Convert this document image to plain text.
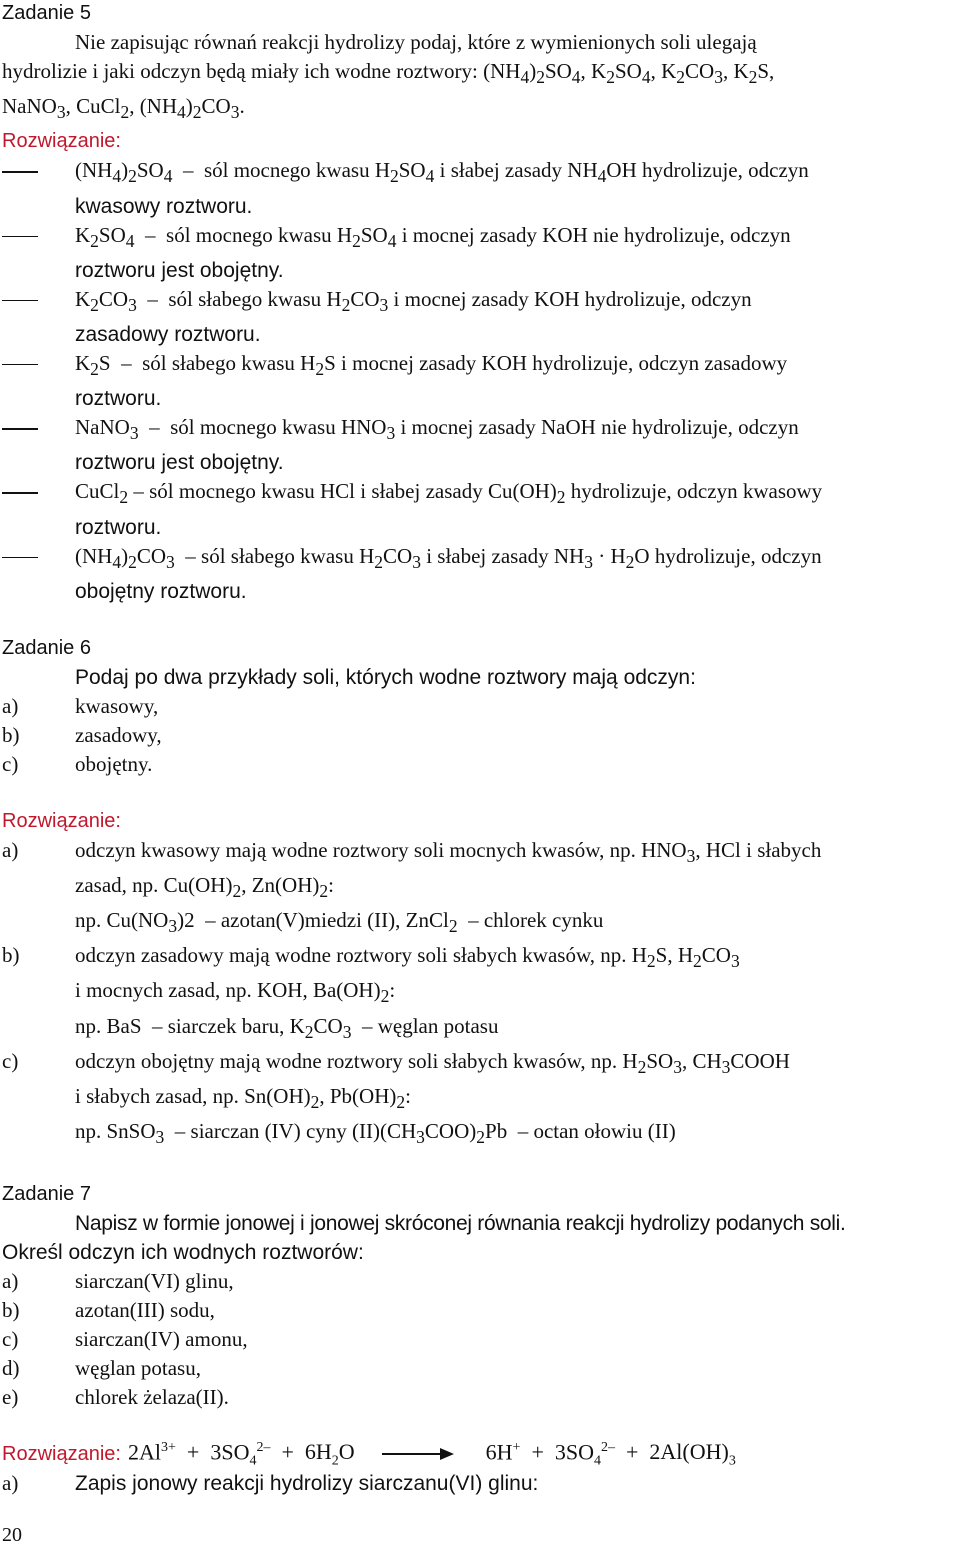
Zadanie 5

Nie zapisując równań reakcji hydrolizy podaj, które z wymienionych soli ulegają
hydrolizie i jaki odczyn będą miały ich wodne roztwory: $(NH_4)_2SO_4$, $K_2SO_4$, $K_2CO_3$, $K_2S$,
NaNO$_3$, CuCl$_2$, $(NH_4)_2CO_3$.

Rozwiązanie:

$(NH_4)_2SO_4$  –  sól mocnego kwasu $H_2SO_4$ i słabej zasady $NH_4OH$ hydrolizuje, odczyn
kwasowy roztworu.
$K_2SO_4$  –  sól mocnego kwasu $H_2SO_4$ i mocnej zasady KOH nie hydrolizuje, odczyn
roztworu jest obojętny.
$K_2CO_3$  –  sól słabego kwasu $H_2CO_3$ i mocnej zasady KOH hydrolizuje, odczyn
zasadowy roztworu.
$K_2S$  –  sól słabego kwasu $H_2S$ i mocnej zasady KOH hydrolizuje, odczyn zasadowy
roztworu.
NaNO$_3$  –  sól mocnego kwasu $HNO_3$ i mocnej zasady NaOH nie hydrolizuje, odczyn
roztworu jest obojętny.
CuCl$_2$ – sól mocnego kwasu HCl i słabej zasady $Cu(OH)_2$ hydrolizuje, odczyn kwasowy
roztworu.
$(NH_4)_2CO_3$  – sól słabego kwasu $H_2CO_3$ i słabej zasady $NH_3 \cdot H_2O$ hydrolizuje, odczyn
obojętny roztworu.

Zadanie 6

Podaj po dwa przykłady soli, których wodne roztwory mają odczyn:
a)	kwasowy,
b)	zasadowy,
c)	obojętny.

Rozwiązanie:

a)	odczyn kwasowy mają wodne roztwory soli mocnych kwasów, np. $HNO_3$, HCl i słabych
zasad, np. $Cu(OH)_2$, $Zn(OH)_2$:
np. $Cu(NO_3)2$  – azotan(V)miedzi (II), ZnCl$_2$  – chlorek cynku
b)	odczyn zasadowy mają wodne roztwory soli słabych kwasów, np. $H_2S$, $H_2CO_3$
i mocnych zasad, np. KOH, $Ba(OH)_2$:
np. BaS  – siarczek baru, $K_2CO_3$  – węglan potasu
c)	odczyn obojętny mają wodne roztwory soli słabych kwasów, np. $H_2SO_3$, $CH_3COOH$
i słabych zasad, np. $Sn(OH)_2$, $Pb(OH)_2$:
np. SnSO$_3$  – siarczan (IV) cyny $(II)(CH_3COO)_2Pb$  – octan ołowiu (II)

Zadanie 7

Napisz w formie jonowej i jonowej skróconej równania reakcji hydrolizy podanych soli.
Określ odczyn ich wodnych roztworów:
a)	siarczan(VI) glinu,
b)	azotan(III) sodu,
c)	siarczan(IV) amonu,
d)	węglan potasu,
e)	chlorek żelaza(II).

Rozwiązanie:

a)	Zapis jonowy reakcji hydrolizy siarczanu(VI) glinu:
$2Al^{3+} + 3SO_4^{2-} + 6H_2O \to 6H^+ + 3SO_4^{2-} + 2Al(OH)_3$
20
